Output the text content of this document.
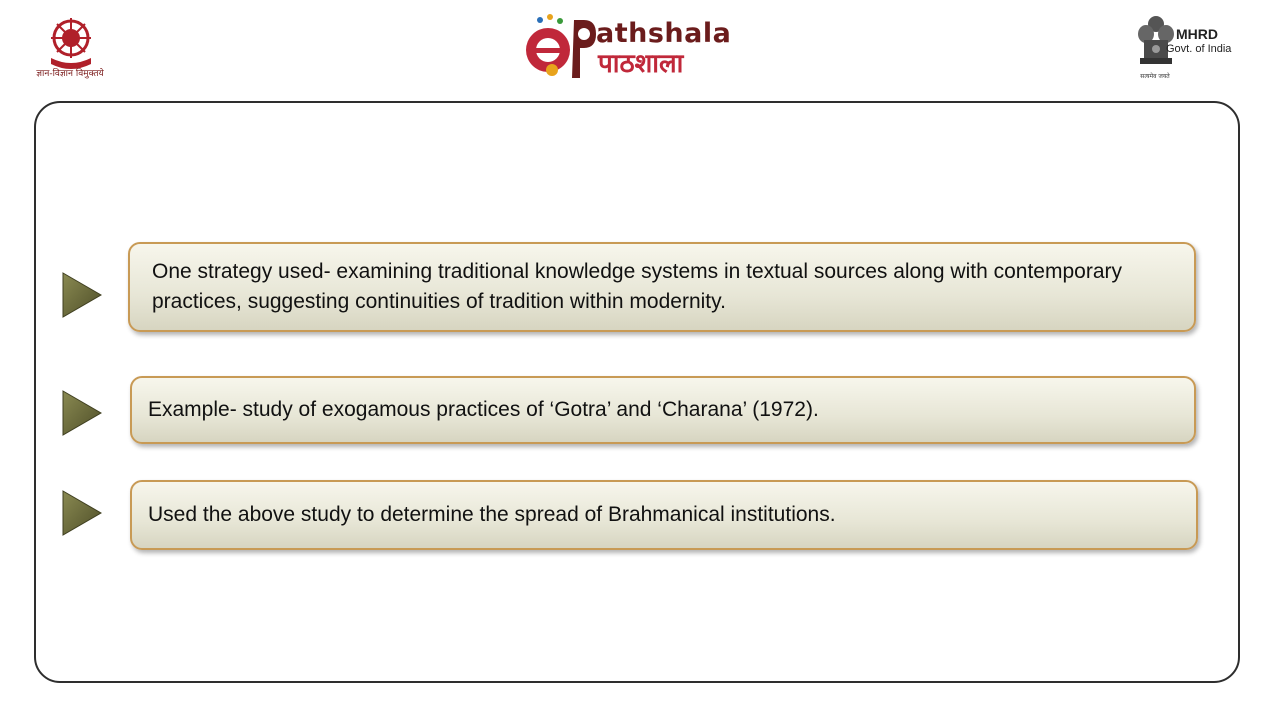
ज्ञान-विज्ञान विमुक्तये
athshala
पाठशाला
MHRD
Govt. of India
सत्यमेव जयते
One strategy used- examining traditional knowledge systems in textual sources along with contemporary practices, suggesting continuities of tradition within modernity.
Example- study of exogamous practices of ‘Gotra’ and ‘Charana’ (1972).
Used the above study to determine the spread of Brahmanical institutions.
